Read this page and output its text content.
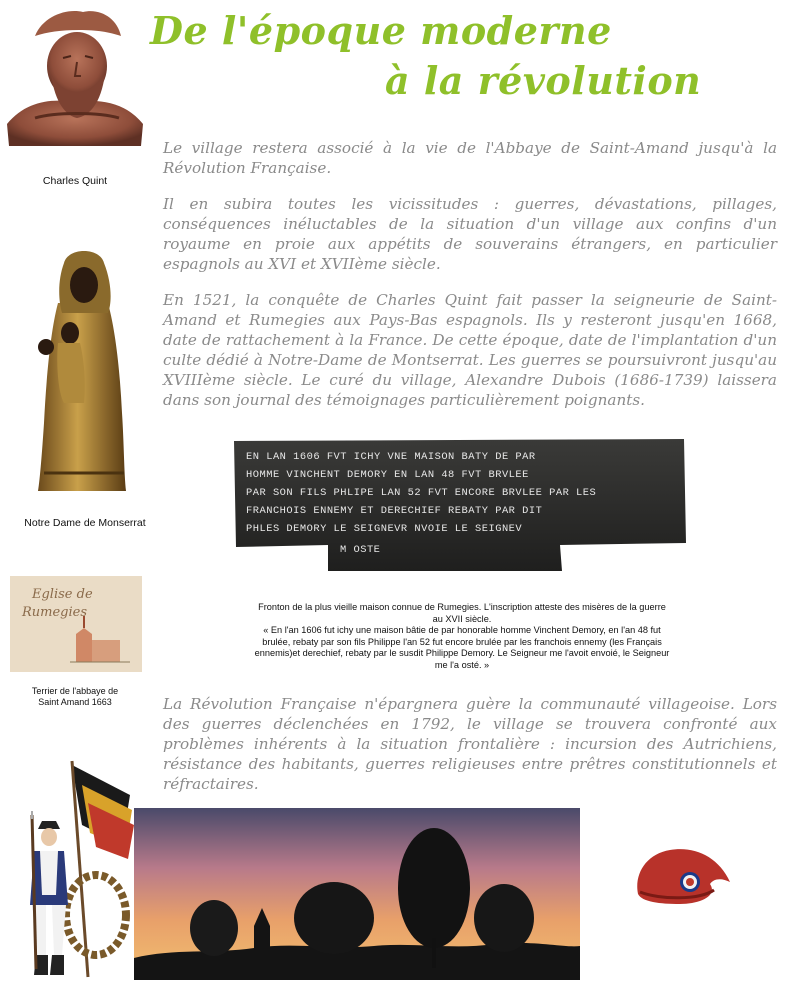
De l'époque moderne
à la révolution
Charles Quint
Notre Dame de Monserrat
Eglise de
Rumegies
Terrier de l'abbaye de
Saint Amand 1663
Le village restera associé à la vie de l'Abbaye de Saint-Amand jusqu'à la Révolution Française.
Il en subira toutes les vicissitudes : guerres, dévastations, pillages, conséquences inéluctables de la situation d'un village aux confins d'un royaume en proie aux appétits de souverains étrangers, en particulier espagnols au XVI et XVIIème siècle.
En 1521, la conquête de Charles Quint fait passer la seigneurie de Saint-Amand et Rumegies aux Pays-Bas espagnols. Ils y resteront jusqu'en 1668, date de rattachement à la France. De cette époque, date de l'implantation d'un culte dédié à Notre-Dame de Montserrat. Les guerres se poursuivront jusqu'au XVIIIème siècle. Le curé du village, Alexandre Dubois (1686-1739) laissera dans son journal des témoignages particulièrement poignants.
EN LAN 1606 FVT ICHY VNE MAISON BATY DE PAR
HOMME VINCHENT DEMORY EN LAN 48 FVT BRVLEE
PAR SON FILS PHLIPE LAN 52 FVT ENCORE BRVLEE PAR LES
FRANCHOIS ENNEMY ET DERECHIEF REBATY PAR DIT
PHLES DEMORY LE SEIGNEVR NVOIE LE SEIGNEV
M OSTE
Fronton de la plus vieille maison connue de Rumegies. L'inscription atteste des misères de la guerre
au XVII siècle.
« En l'an 1606 fut ichy une maison bâtie de par honorable homme Vinchent Demory, en l'an 48 fut
brulée, rebaty par son fils Philippe l'an 52 fut encore brulée par les franchois ennemy (les Français
ennemis)et derechief, rebaty par le susdit Philippe Demory. Le Seigneur me l'avoit envoié, le Seigneur
me l'a osté. »
La Révolution Française n'épargnera guère la communauté villageoise. Lors des guerres déclenchées en 1792, le village se trouvera confronté aux problèmes inhérents à la situation frontalière : incursion des Autrichiens, résistance des habitants, guerres religieuses entre prêtres constitutionnels et réfractaires.
